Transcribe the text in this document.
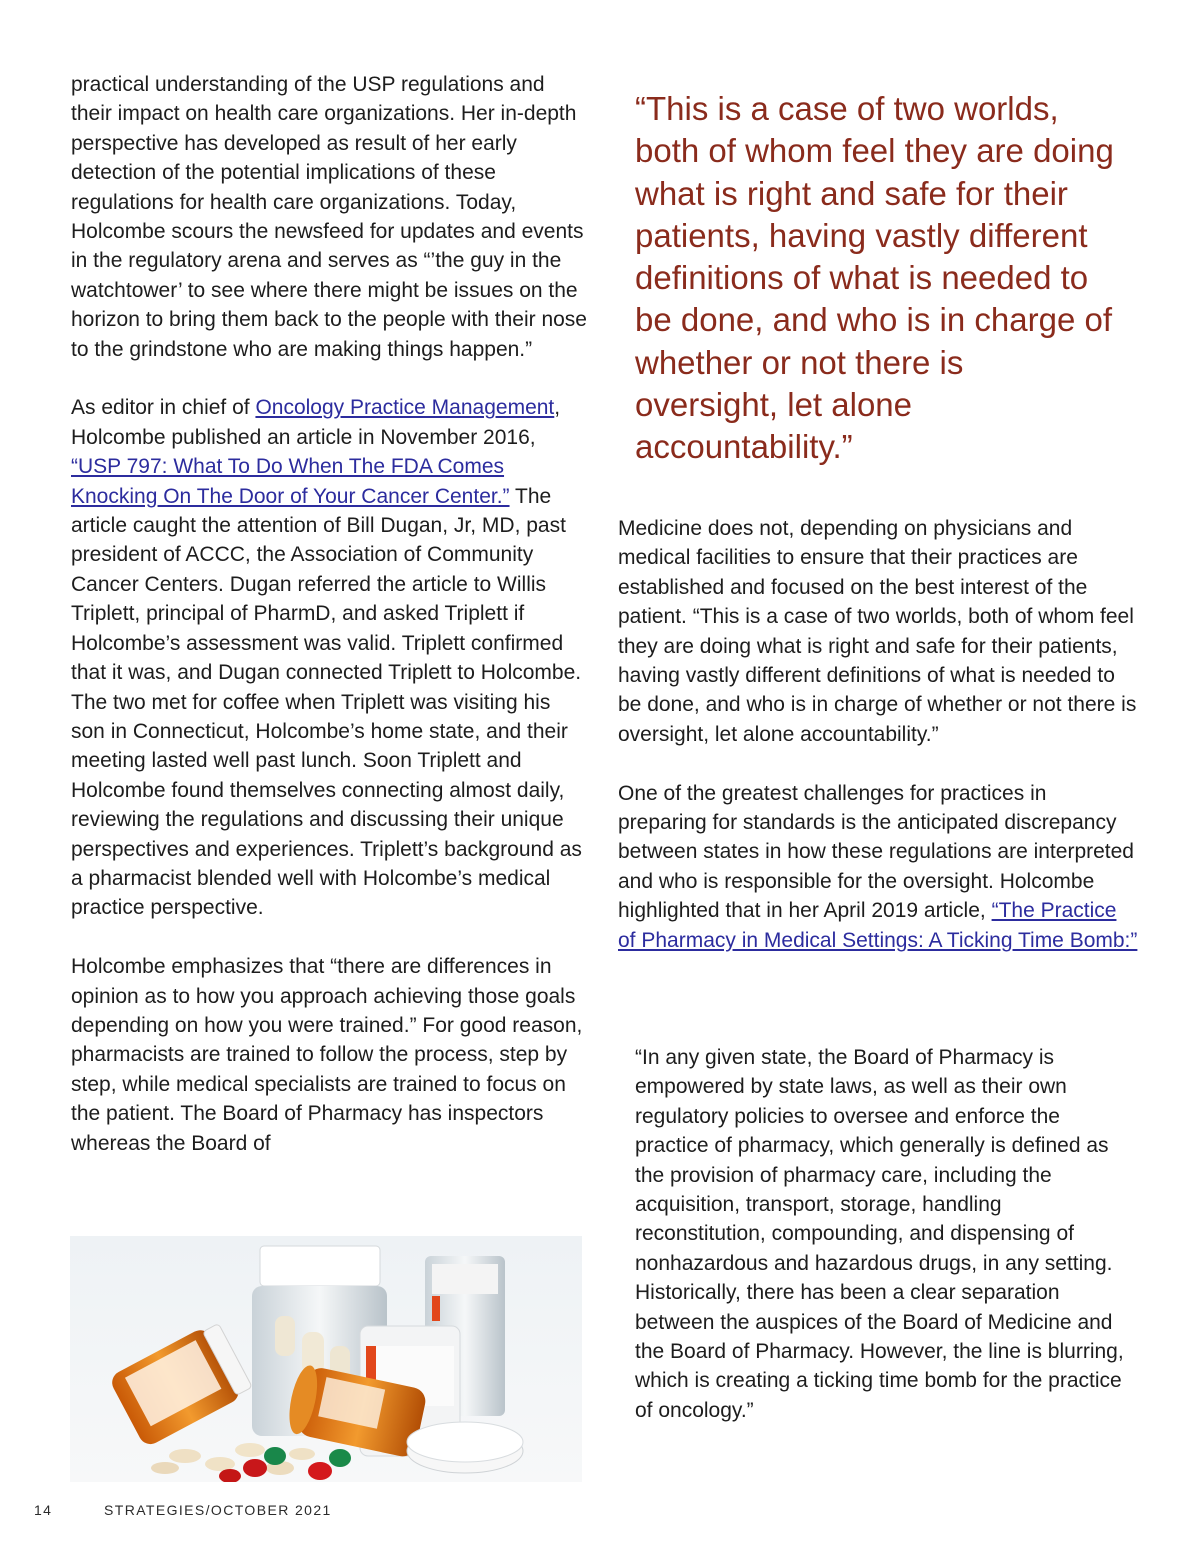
practical understanding of the USP regulations and their impact on health care organizations. Her in-depth perspective has developed as result of her early detection of the potential implications of these regulations for health care organizations. Today, Holcombe scours the newsfeed for updates and events in the regulatory arena and serves as “’the guy in the watchtower’ to see where there might be issues on the horizon to bring them back to the people with their nose to the grindstone who are making things happen.”

As editor in chief of Oncology Practice Management, Holcombe published an article in November 2016, “USP 797: What To Do When The FDA Comes Knocking On The Door of Your Cancer Center.” The article caught the attention of Bill Dugan, Jr, MD, past president of ACCC, the Association of Community Cancer Centers. Dugan referred the article to Willis Triplett, principal of PharmD, and asked Triplett if Holcombe’s assessment was valid. Triplett confirmed that it was, and Dugan connected Triplett to Holcombe. The two met for coffee when Triplett was visiting his son in Connecticut, Holcombe’s home state, and their meeting lasted well past lunch. Soon Triplett and Holcombe found themselves connecting almost daily, reviewing the regulations and discussing their unique perspectives and experiences. Triplett’s background as a pharmacist blended well with Holcombe’s medical practice perspective.

Holcombe emphasizes that “there are differences in opinion as to how you approach achieving those goals depending on how you were trained.” For good reason, pharmacists are trained to follow the process, step by step, while medical specialists are trained to focus on the patient. The Board of Pharmacy has inspectors whereas the Board of

“This is a case of two worlds, both of whom feel they are doing what is right and safe for their patients, having vastly different definitions of what is needed to be done, and who is in charge of whether or not there is oversight, let alone accountability.”

Medicine does not, depending on physicians and medical facilities to ensure that their practices are established and focused on the best interest of the patient. “This is a case of two worlds, both of whom feel they are doing what is right and safe for their patients, having vastly different definitions of what is needed to be done, and who is in charge of whether or not there is oversight, let alone accountability.”

One of the greatest challenges for practices in preparing for standards is the anticipated discrepancy between states in how these regulations are interpreted and who is responsible for the oversight. Holcombe highlighted that in her April 2019 article, “The Practice of Pharmacy in Medical Settings: A Ticking Time Bomb:”

“In any given state, the Board of Pharmacy is empowered by state laws, as well as their own regulatory policies to oversee and enforce the practice of pharmacy, which generally is defined as the provision of pharmacy care, including the acquisition, transport, storage, handling reconstitution, compounding, and dispensing of nonhazardous and hazardous drugs, in any setting. Historically, there has been a clear separation between the auspices of the Board of Medicine and the Board of Pharmacy. However, the line is blurring, which is creating a ticking time bomb for the practice of oncology.”

14	STRATEGIES/OCTOBER 2021
